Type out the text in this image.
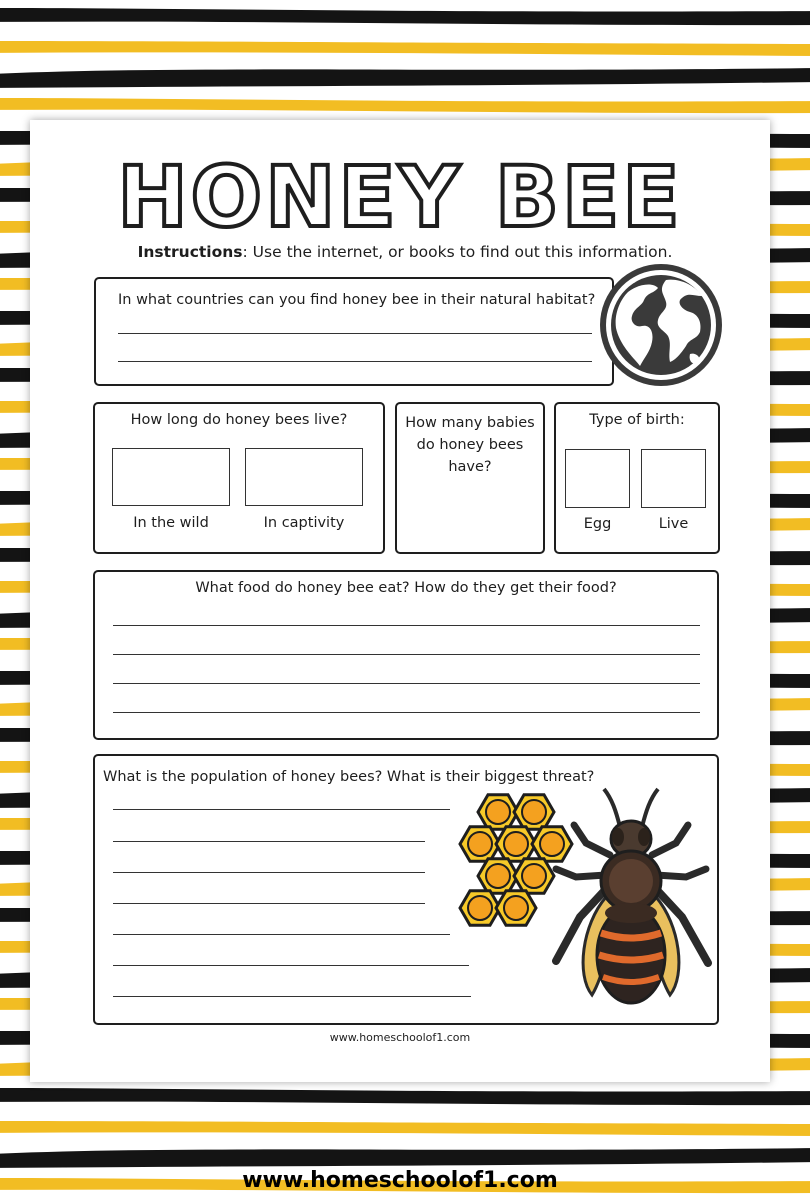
HONEY BEE
Instructions: Use the internet, or books to find out this information.
In what countries can you find honey bee in their natural habitat?
How long do honey bees live?
In the wild	In captivity
How many babies do honey bees have?
Type of birth:
Egg	Live
What food do honey bee eat? How do they get their food?
What is the population of honey bees? What is their biggest threat?
www.homeschoolof1.com
www.homeschoolof1.com
